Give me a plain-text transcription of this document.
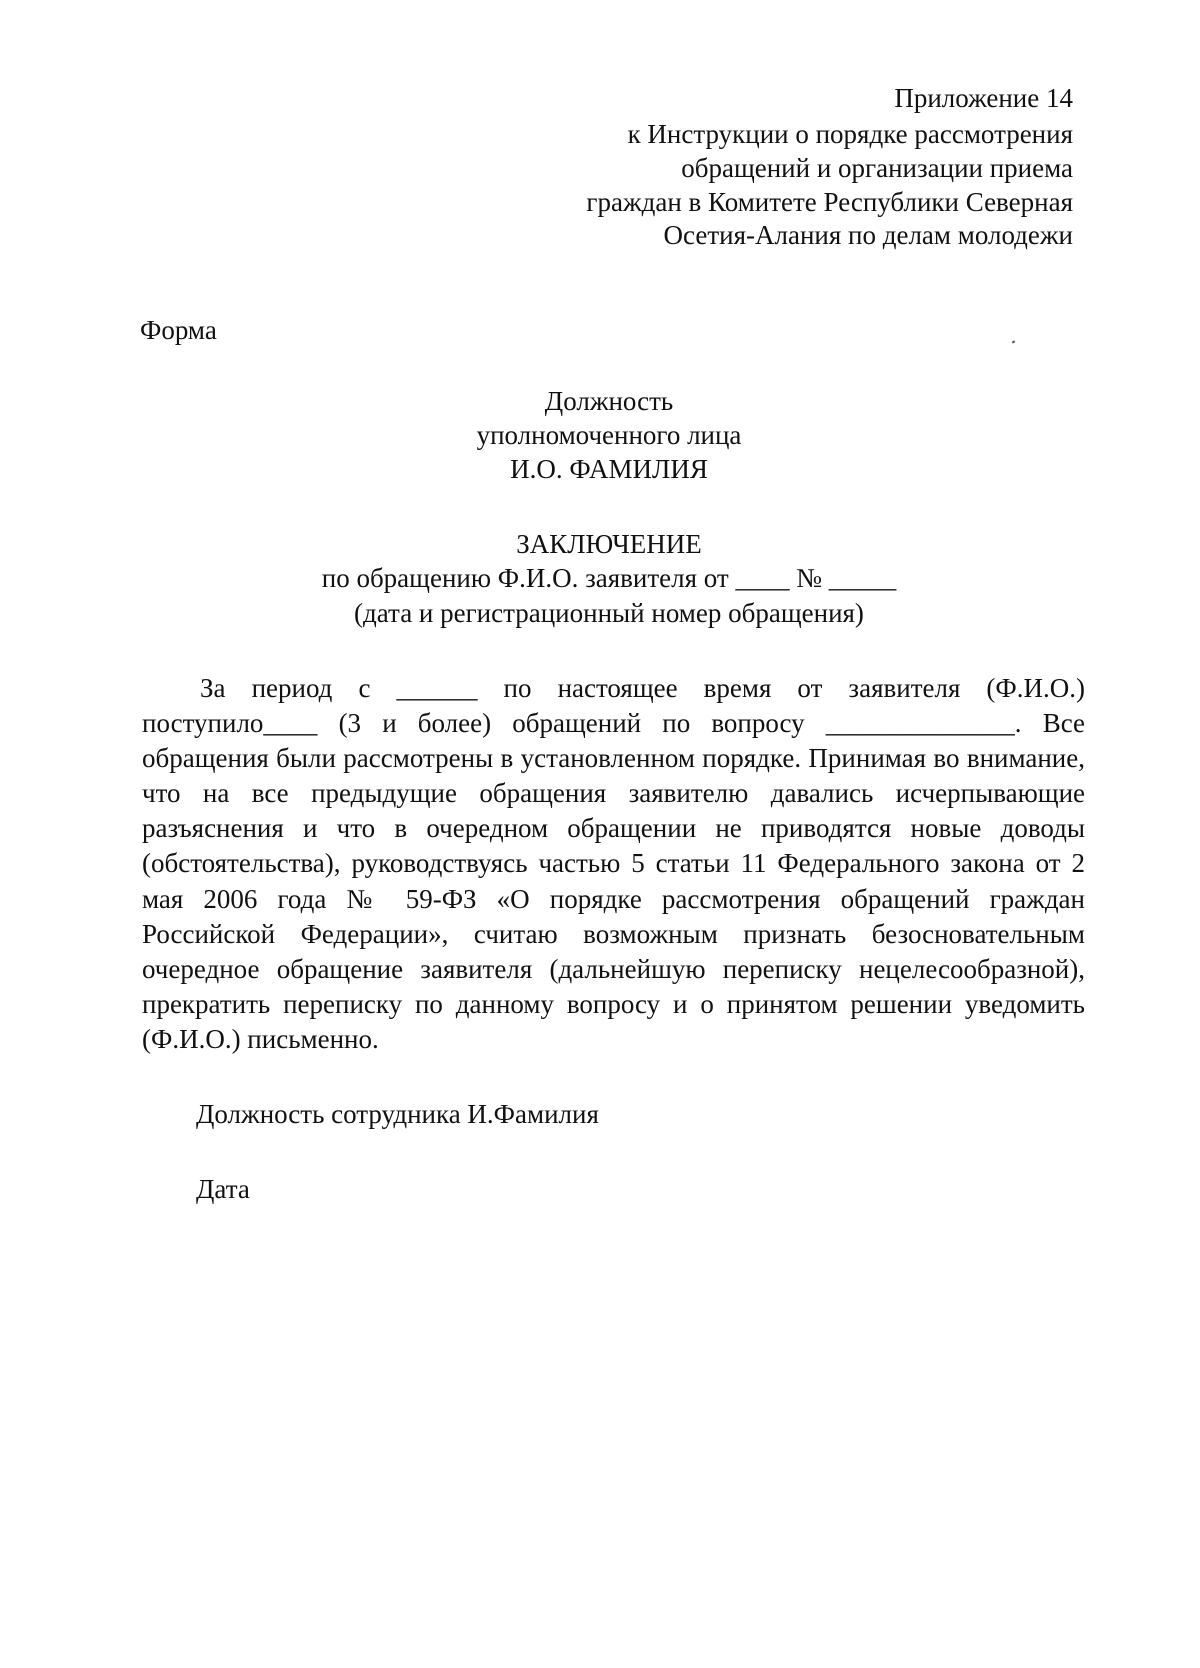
Приложение 14
к Инструкции о порядке рассмотрения
обращений и организации приема
граждан в Комитете Республики Северная
Осетия-Алания по делам молодежи
Форма
Должность
уполномоченного лица
И.О. ФАМИЛИЯ
ЗАКЛЮЧЕНИЕ
по обращению Ф.И.О. заявителя от ____ № _____
(дата и регистрационный номер обращения)
За период с ______ по настоящее время от заявителя (Ф.И.О.)
поступило____ (3 и более) обращений по вопросу ______________. Все
обращения были рассмотрены в установленном порядке. Принимая во внимание,
что на все предыдущие обращения заявителю давались исчерпывающие
разъяснения и что в очередном обращении не приводятся новые доводы
(обстоятельства), руководствуясь частью 5 статьи 11 Федерального закона от 2
мая 2006 года № 59-ФЗ «О порядке рассмотрения обращений граждан
Российской Федерации», считаю возможным признать безосновательным
очередное обращение заявителя (дальнейшую переписку нецелесообразной),
прекратить переписку по данному вопросу и о принятом решении уведомить
(Ф.И.О.) письменно.
Должность сотрудника И.Фамилия
Дата
